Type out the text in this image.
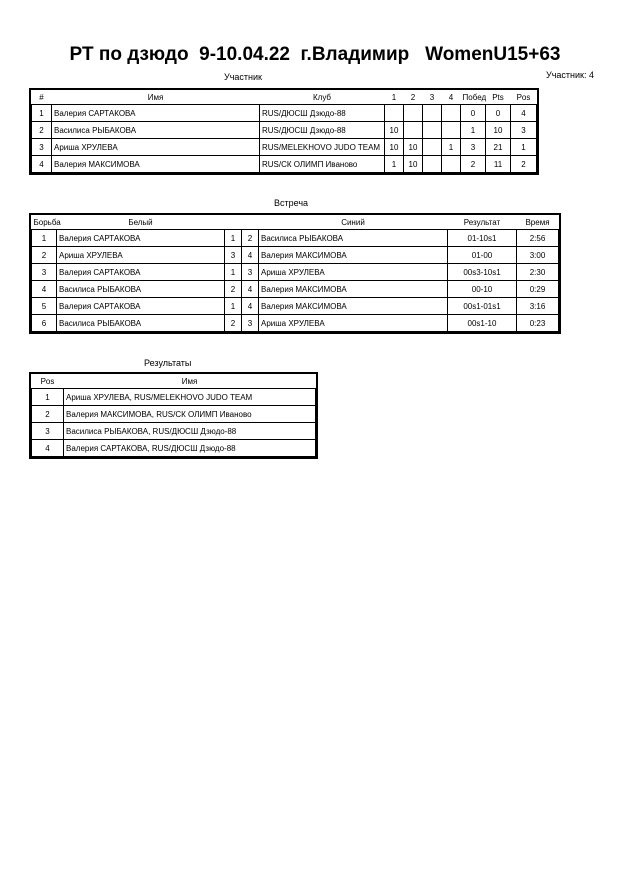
РТ по дзюдо  9-10.04.22  г.Владимир   WomenU15+63
Участник	Участник: 4
#	Имя	Клуб	1	2	3	4	Побед	Pts	Pos
1	Валерия САРТАКОВА	RUS/ДЮСШ Дзюдо-88					0	0	4
2	Василиса РЫБАКОВА	RUS/ДЮСШ Дзюдо-88	10				1	10	3
3	Ариша ХРУЛЕВА	RUS/MELEKHOVO JUDO TEAM	10	10		1	3	21	1
4	Валерия МАКСИМОВА	RUS/СК ОЛИМП Иваново	1	10			2	11	2
Встреча
Борьба	Белый			Синий	Результат	Время
1	Валерия САРТАКОВА	1	2	Василиса РЫБАКОВА	01-10s1	2:56
2	Ариша ХРУЛЕВА	3	4	Валерия МАКСИМОВА	01-00	3:00
3	Валерия САРТАКОВА	1	3	Ариша ХРУЛЕВА	00s3-10s1	2:30
4	Василиса РЫБАКОВА	2	4	Валерия МАКСИМОВА	00-10	0:29
5	Валерия САРТАКОВА	1	4	Валерия МАКСИМОВА	00s1-01s1	3:16
6	Василиса РЫБАКОВА	2	3	Ариша ХРУЛЕВА	00s1-10	0:23
Результаты
Pos	Имя
1	Ариша ХРУЛЕВА, RUS/MELEKHOVO JUDO TEAM
2	Валерия МАКСИМОВА, RUS/СК ОЛИМП Иваново
3	Василиса РЫБАКОВА, RUS/ДЮСШ Дзюдо-88
4	Валерия САРТАКОВА, RUS/ДЮСШ Дзюдо-88
